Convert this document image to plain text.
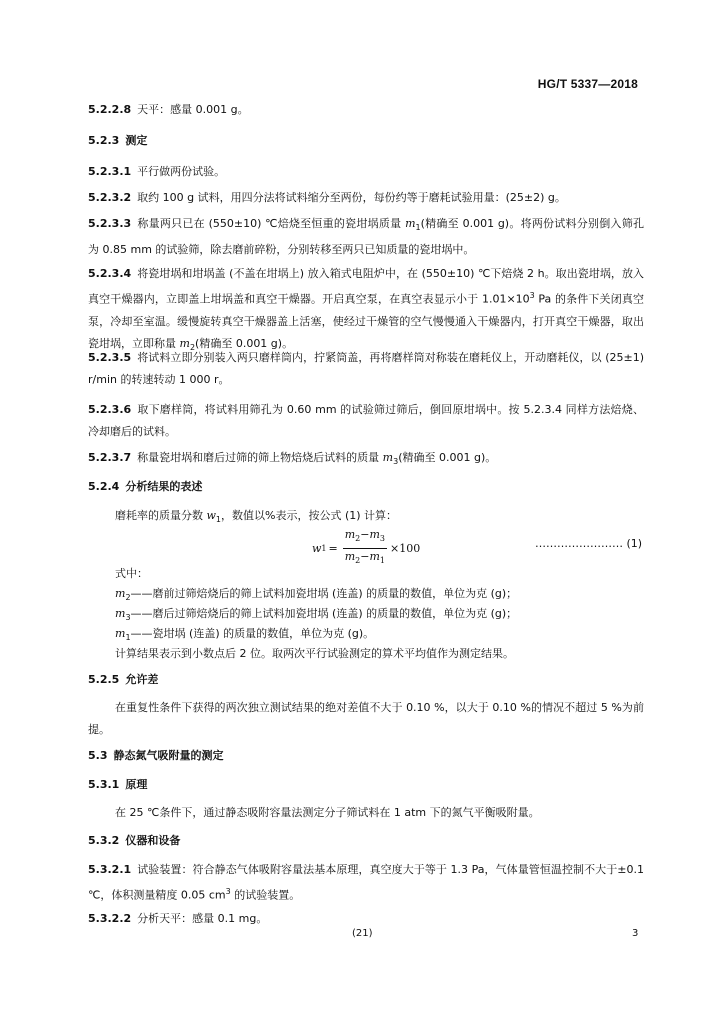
HG/T 5337—2018
5.2.2.8 天平：感量 0.001 g。
5.2.3 测定
5.2.3.1 平行做两份试验。
5.2.3.2 取约 100 g 试料，用四分法将试料缩分至两份，每份约等于磨耗试验用量：(25±2) g。
5.2.3.3 称量两只已在 (550±10) ℃焙烧至恒重的瓷坩埚质量 $m_1$(精确至 0.001 g)。将两份试料分别倒入筛孔为 0.85 mm 的试验筛，除去磨前碎粉，分别转移至两只已知质量的瓷坩埚中。
5.2.3.4 将瓷坩埚和坩埚盖 (不盖在坩埚上) 放入箱式电阻炉中，在 (550±10) ℃下焙烧 2 h。取出瓷坩埚，放入真空干燥器内，立即盖上坩埚盖和真空干燥器。开启真空泵，在真空表显示小于 $1.01\times 10^3$ Pa 的条件下关闭真空泵，冷却至室温。缓慢旋转真空干燥器盖上活塞，使经过干燥管的空气慢慢通入干燥器内，打开真空干燥器，取出瓷坩埚，立即称量 $m_2$(精确至 0.001 g)。
5.2.3.5 将试料立即分别装入两只磨样筒内，拧紧筒盖，再将磨样筒对称装在磨耗仪上，开动磨耗仪，以 (25±1) r/min 的转速转动 1 000 r。
5.2.3.6 取下磨样筒，将试料用筛孔为 0.60 mm 的试验筛过筛后，倒回原坩埚中。按 5.2.3.4 同样方法焙烧、冷却磨后的试料。
5.2.3.7 称量瓷坩埚和磨后过筛的筛上物焙烧后试料的质量 $m_3$(精确至 0.001 g)。
5.2.4 分析结果的表述
磨耗率的质量分数 $w_1$，数值以%表示，按公式 (1) 计算：
w $1 = \frac{m_2-m_3}{m_2-m_1} \times 100$	…………………… (1)
式中：
$m_2——$磨前过筛焙烧后的筛上试料加瓷坩埚 (连盖) 的质量的数值，单位为克 (g)；
$m_3——$磨后过筛焙烧后的筛上试料加瓷坩埚 (连盖) 的质量的数值，单位为克 (g)；
$m_1——$瓷坩埚 (连盖) 的质量的数值，单位为克 (g)。
计算结果表示到小数点后 2 位。取两次平行试验测定的算术平均值作为测定结果。
5.2.5 允许差
在重复性条件下获得的两次独立测试结果的绝对差值不大于 0.10 %，以大于 0.10 %的情况不超过 5 %为前提。
5.3 静态氮气吸附量的测定
5.3.1 原理
在 25 ℃条件下，通过静态吸附容量法测定分子筛试料在 1 atm 下的氮气平衡吸附量。
5.3.2 仪器和设备
5.3.2.1 试验装置：符合静态气体吸附容量法基本原理，真空度大于等于 1.3 Pa，气体量管恒温控制不大于±0.1 ℃，体积测量精度 0.05 $cm^3$ 的试验装置。
5.3.2.2 分析天平：感量 0.1 mg。
(21)	3
